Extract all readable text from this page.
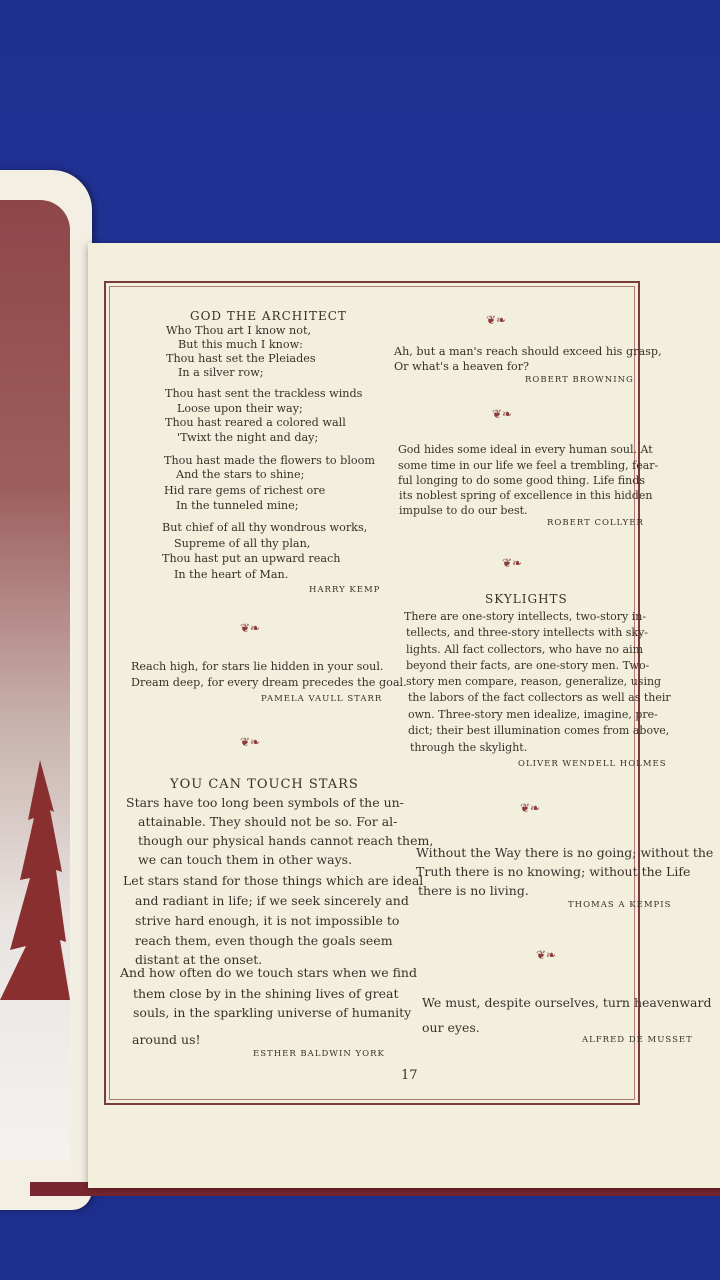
GOD THE ARCHITECT
Who Thou art I know not,
But this much I know:
Thou hast set the Pleiades
In a silver row;
Thou hast sent the trackless winds
Loose upon their way;
Thou hast reared a colored wall
'Twixt the night and day;
Thou hast made the flowers to bloom
And the stars to shine;
Hid rare gems of richest ore
In the tunneled mine;
But chief of all thy wondrous works,
Supreme of all thy plan,
Thou hast put an upward reach
In the heart of Man.
HARRY KEMP
❦❧
Reach high, for stars lie hidden in your soul.
Dream deep, for every dream precedes the goal.
PAMELA VAULL STARR
❦❧
YOU CAN TOUCH STARS
Stars have too long been symbols of the un-
attainable. They should not be so. For al-
though our physical hands cannot reach them,
we can touch them in other ways.
Let stars stand for those things which are ideal
and radiant in life; if we seek sincerely and
strive hard enough, it is not impossible to
reach them, even though the goals seem
distant at the onset.
And how often do we touch stars when we find
them close by in the shining lives of great
souls, in the sparkling universe of humanity
around us!
ESTHER BALDWIN YORK
❦❧
Ah, but a man's reach should exceed his grasp,
Or what's a heaven for?
ROBERT BROWNING
❦❧
God hides some ideal in every human soul. At
some time in our life we feel a trembling, fear-
ful longing to do some good thing. Life finds
its noblest spring of excellence in this hidden
impulse to do our best.
ROBERT COLLYER
❦❧
SKYLIGHTS
There are one-story intellects, two-story in-
tellects, and three-story intellects with sky-
lights. All fact collectors, who have no aim
beyond their facts, are one-story men. Two-
story men compare, reason, generalize, using
the labors of the fact collectors as well as their
own. Three-story men idealize, imagine, pre-
dict; their best illumination comes from above,
through the skylight.
OLIVER WENDELL HOLMES
❦❧
Without the Way there is no going; without the
Truth there is no knowing; without the Life
there is no living.
THOMAS A KEMPIS
❦❧
We must, despite ourselves, turn heavenward
our eyes.
ALFRED DE MUSSET
17
